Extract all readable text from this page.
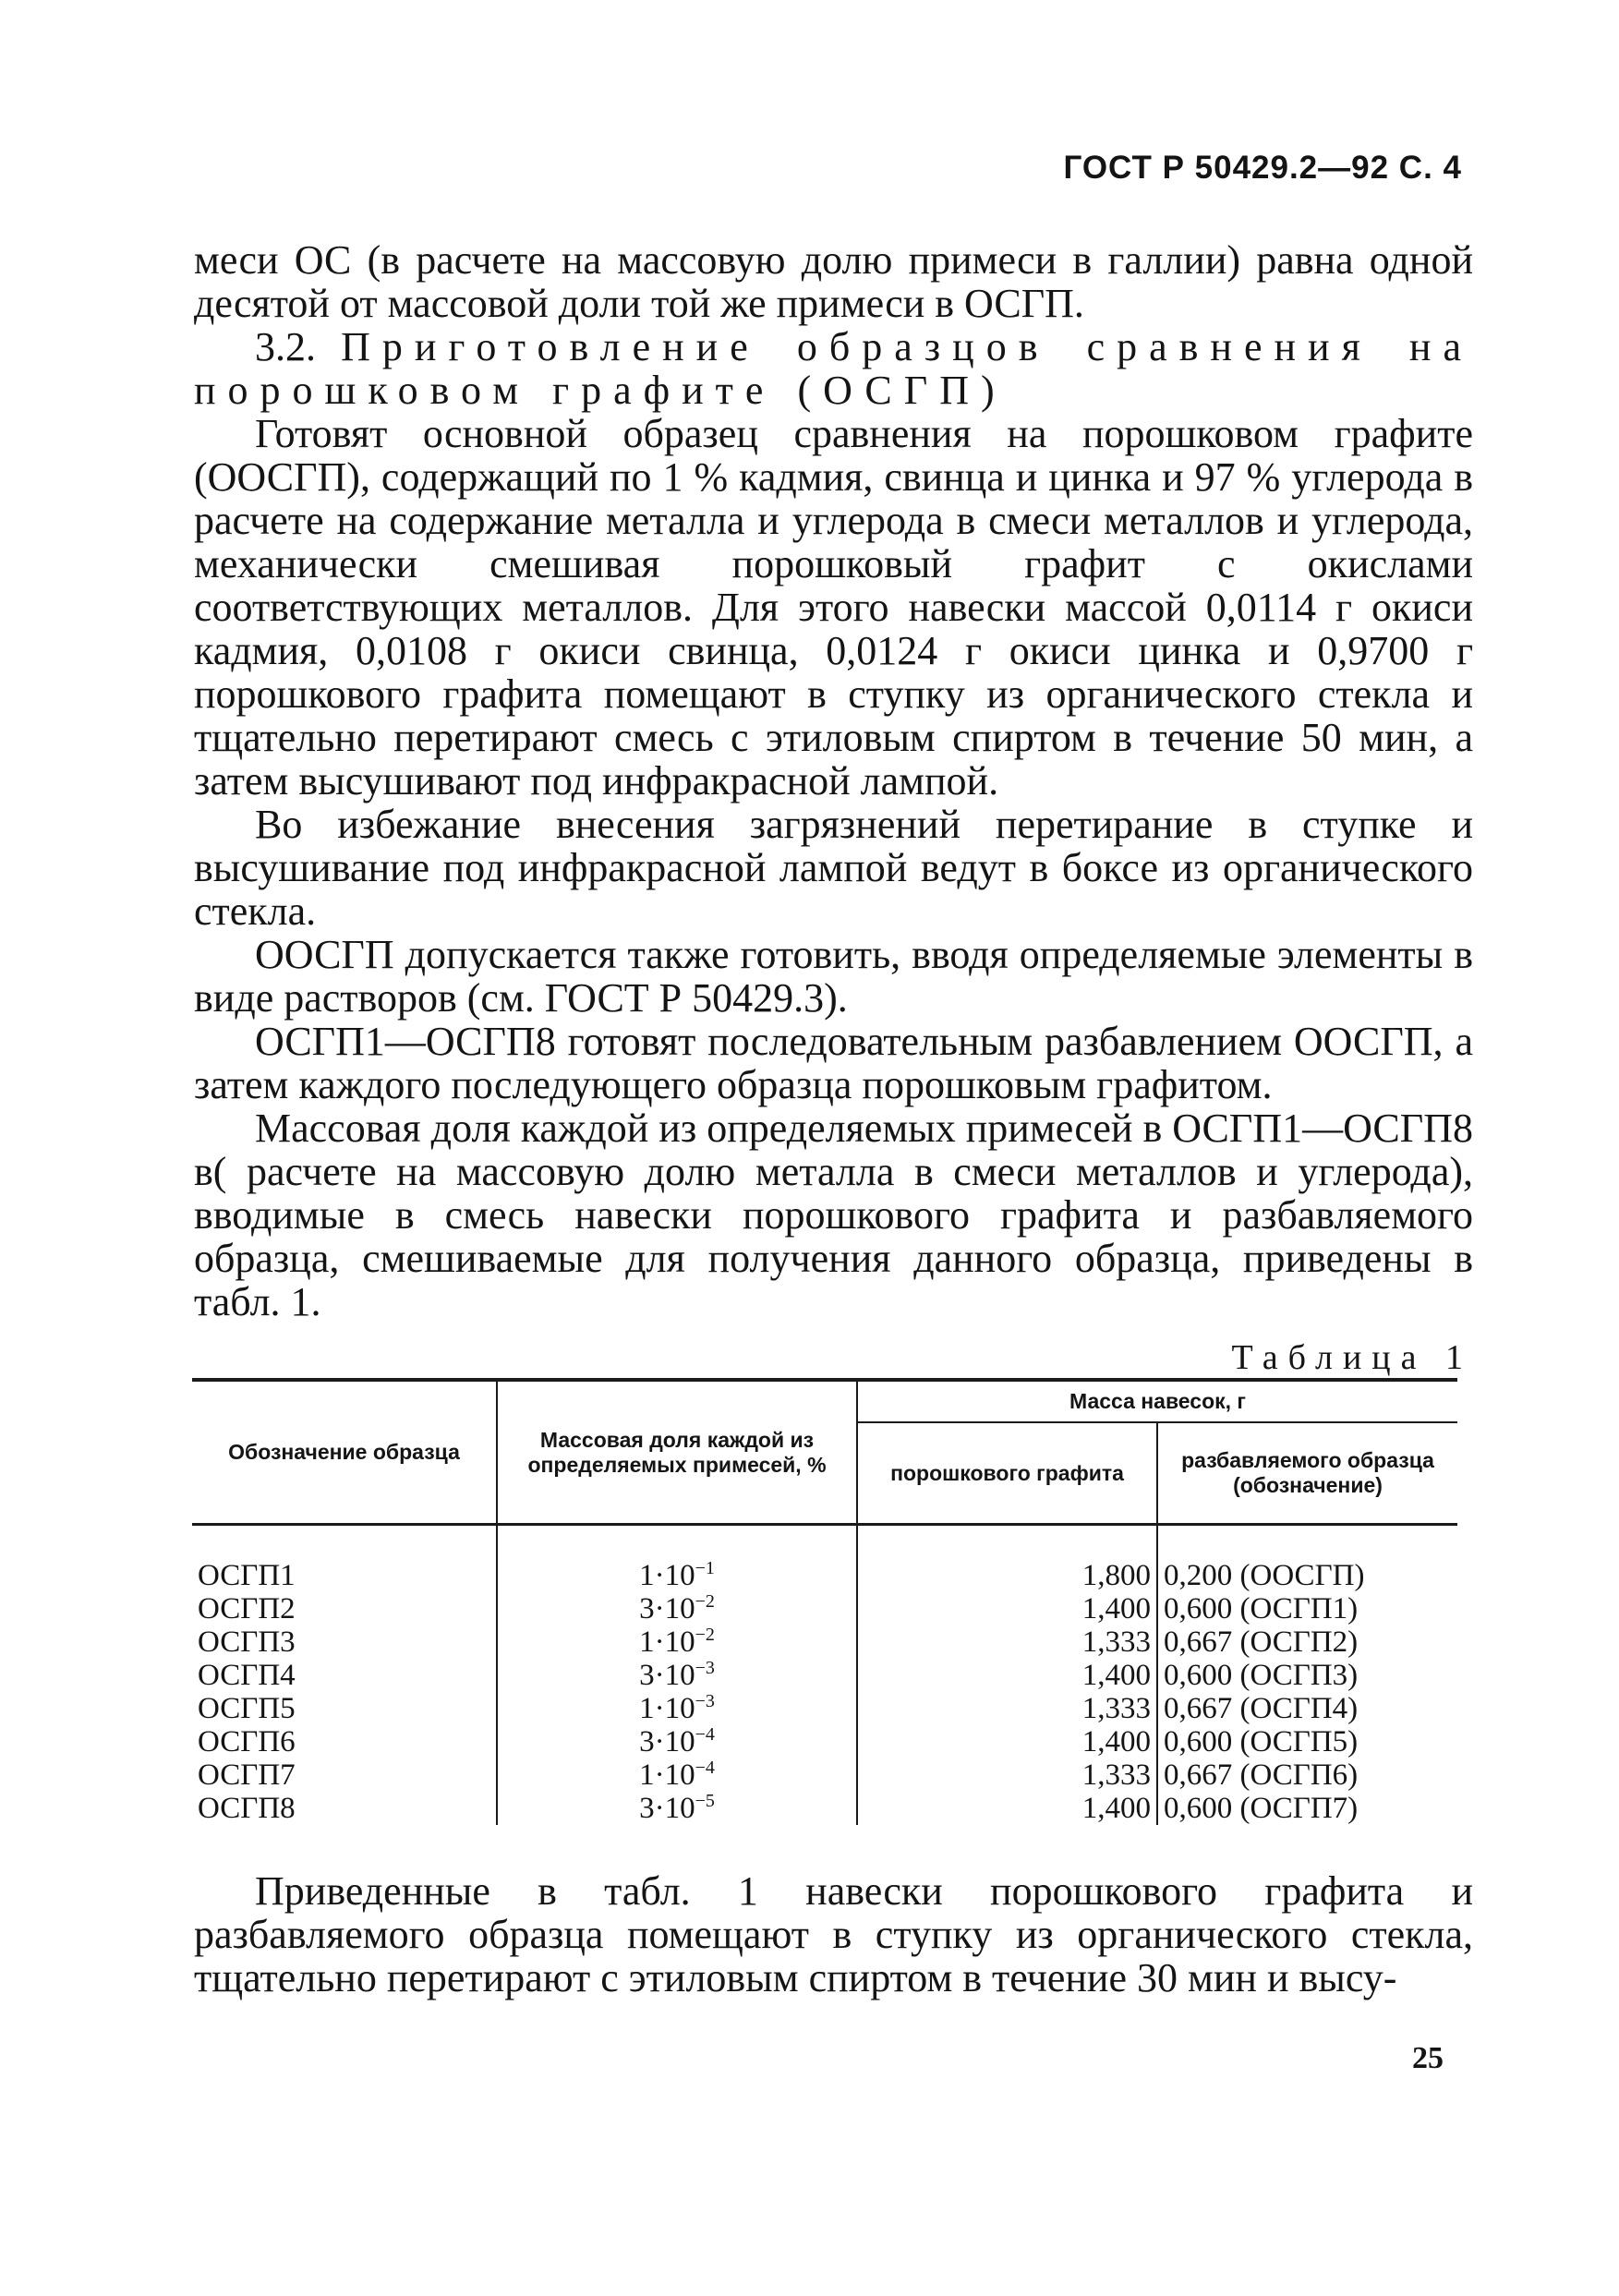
ГОСТ Р 50429.2—92 С. 4

меси ОС (в расчете на массовую долю примеси в галлии) равна одной десятой от массовой доли той же примеси в ОСГП.

3.2. Приготовление образцов сравнения на порошковом графите (ОСГП)

Готовят основной образец сравнения на порошковом графите (ООСГП), содержащий по 1 % кадмия, свинца и цинка и 97 % углерода в расчете на содержание металла и углерода в смеси металлов и углерода, механически смешивая порошковый графит с окислами соответствующих металлов. Для этого навески массой 0,0114 г окиси кадмия, 0,0108 г окиси свинца, 0,0124 г окиси цинка и 0,9700 г порошкового графита помещают в ступку из органического стекла и тщательно перетирают смесь с этиловым спиртом в течение 50 мин, а затем высушивают под инфракрасной лампой.

Во избежание внесения загрязнений перетирание в ступке и высушивание под инфракрасной лампой ведут в боксе из органического стекла.

ООСГП допускается также готовить, вводя определяемые элементы в виде растворов (см. ГОСТ Р 50429.3).

ОСГП1—ОСГП8 готовят последовательным разбавлением ООСГП, а затем каждого последующего образца порошковым графитом.

Массовая доля каждой из определяемых примесей в ОСГП1—ОСГП8 в( расчете на массовую долю металла в смеси металлов и углерода), вводимые в смесь навески порошкового графита и разбавляемого образца, смешиваемые для получения данного образца, приведены в табл. 1.

Таблица 1
Обозначение образца	Массовая доля каждой из определяемых примесей, %	Масса навесок, г	
		порошкового графита	разбавляемого образца (обозначение)

ОСГП1	$1\cdot 10^{-1}$	1,800	0,200 (ООСГП)
ОСГП2	$3\cdot 10^{-2}$	1,400	0,600 (ОСГП1)
ОСГП3	$1\cdot 10^{-2}$	1,333	0,667 (ОСГП2)
ОСГП4	$3\cdot 10^{-3}$	1,400	0,600 (ОСГП3)
ОСГП5	$1\cdot 10^{-3}$	1,333	0,667 (ОСГП4)
ОСГП6	$3\cdot 10^{-4}$	1,400	0,600 (ОСГП5)
ОСГП7	$1\cdot 10^{-4}$	1,333	0,667 (ОСГП6)
ОСГП8	$3\cdot 10^{-5}$	1,400	0,600 (ОСГП7)

Приведенные в табл. 1 навески порошкового графита и разбавляемого образца помещают в ступку из органического стекла, тщательно перетирают с этиловым спиртом в течение 30 мин и высу-

25
